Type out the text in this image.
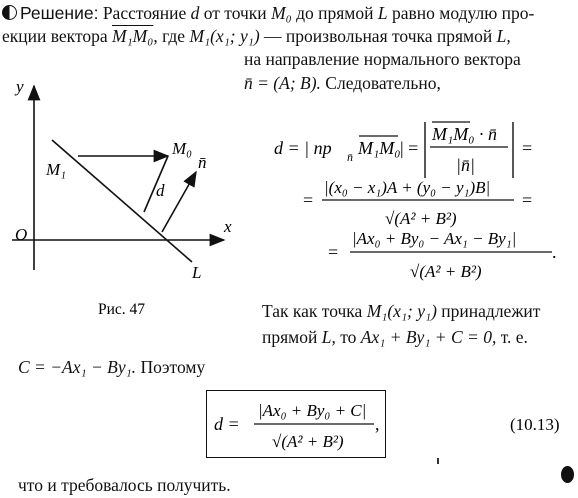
Решение: Расстояние d от точки M₀ до прямой L равно модулю про-
екции вектора M₁M₀, где M₁(x₁; y₁) — произвольная точка прямой L,
на направление нормального вектора
n̄ = (A; B). Следовательно,
y
x
O
M₁
M₀
n̄
d
L
Рис. 47
d = | пр n̄ M₁M₀ | =
M₁M₀ · n̄
|n̄|
=
=
|(x₀ − x₁)A + (y₀ − y₁)B|
√(A² + B²)
=
=
|Ax₀ + By₀ − Ax₁ − By₁|
√(A² + B²)
.
Так как точка M₁(x₁; y₁) принадлежит
прямой L, то Ax₁ + By₁ + C = 0, т. е.
C = −Ax₁ − By₁. Поэтому
d =
|Ax₀ + By₀ + C|
√(A² + B²)
,	(10.13)
что и требовалось получить.
